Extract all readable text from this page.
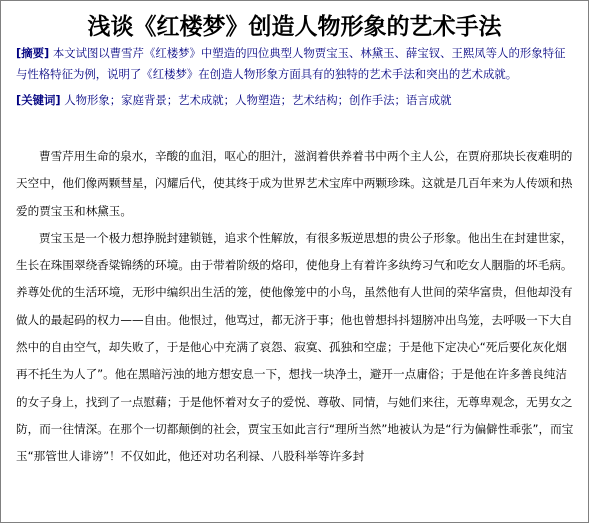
浅谈《红楼梦》创造人物形象的艺术手法
[摘要] 本文试图以曹雪芹《红楼梦》中塑造的四位典型人物贾宝玉、林黛玉、薛宝钗、王熙凤等人的形象特征与性格特征为例，说明了《红楼梦》在创造人物形象方面具有的独特的艺术手法和突出的艺术成就。
[关键词] 人物形象；家庭背景；艺术成就；人物塑造；艺术结构；创作手法；语言成就

曹雪芹用生命的泉水，辛酸的血泪，呕心的胆汁，滋润着供养着书中两个主人公，在贾府那块长夜难明的天空中，他们像两颗彗星，闪耀后代，使其终于成为世界艺术宝库中两颗珍珠。这就是几百年来为人传颂和热爱的贾宝玉和林黛玉。

贾宝玉是一个极力想挣脱封建锁链，追求个性解放，有很多叛逆思想的贵公子形象。他出生在封建世家，生长在珠围翠绕香粱锦绣的环境。由于带着阶级的烙印，使他身上有着许多纨绔习气和吃女人胭脂的坏毛病。养尊处优的生活环境，无形中编织出生活的笼，使他像笼中的小鸟，虽然他有人世间的荣华富贵，但他却没有做人的最起码的权力——自由。他恨过，他骂过，都无济于事；他也曾想抖抖翅膀冲出鸟笼，去呼吸一下大自然中的自由空气，却失败了，于是他心中充满了哀怨、寂寞、孤独和空虚；于是他下定决心“死后要化灰化烟再不托生为人了”。他在黑暗污浊的地方想安息一下，想找一块净土，避开一点庸俗；于是他在许多善良纯洁的女子身上，找到了一点慰藉；于是他怀着对女子的爱悦、尊敬、同情，与她们来往，无尊卑观念，无男女之防，而一往情深。在那个一切都颠倒的社会，贾宝玉如此言行“理所当然”地被认为是“行为偏僻性乖张”，而宝玉“那管世人诽谤”！不仅如此，他还对功名利禄、八股科举等许多封
